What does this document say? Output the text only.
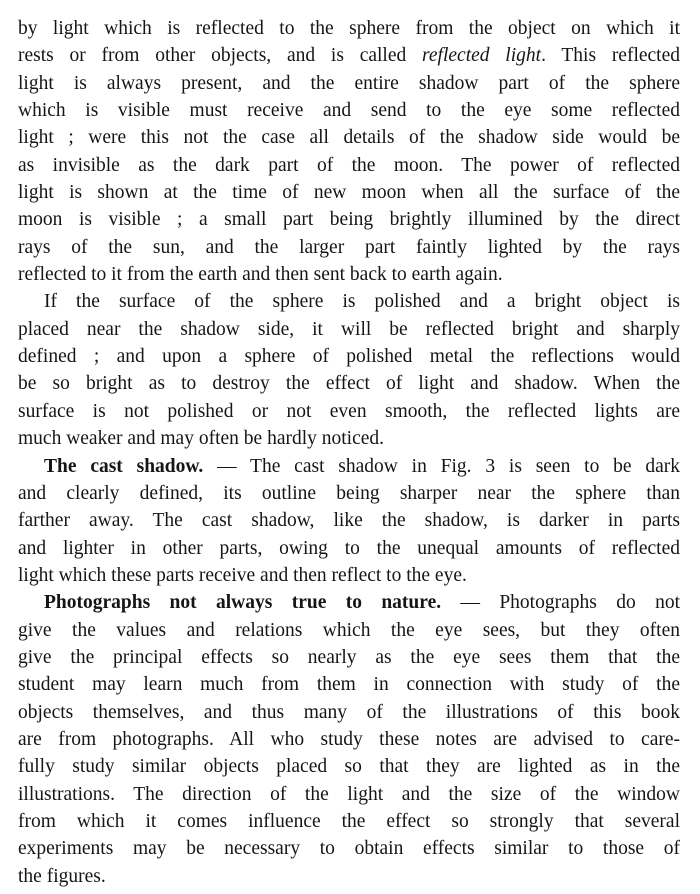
by light which is reflected to the sphere from the object on which it
rests or from other objects, and is called reflected light. This reflected
light is always present, and the entire shadow part of the sphere
which is visible must receive and send to the eye some reflected
light ; were this not the case all details of the shadow side would be
as invisible as the dark part of the moon. The power of reflected
light is shown at the time of new moon when all the surface of the
moon is visible ; a small part being brightly illumined by the direct
rays of the sun, and the larger part faintly lighted by the rays
reflected to it from the earth and then sent back to earth again.
If the surface of the sphere is polished and a bright object is
placed near the shadow side, it will be reflected bright and sharply
defined ; and upon a sphere of polished metal the reflections would
be so bright as to destroy the effect of light and shadow. When the
surface is not polished or not even smooth, the reflected lights are
much weaker and may often be hardly noticed.
The cast shadow. — The cast shadow in Fig. 3 is seen to be dark
and clearly defined, its outline being sharper near the sphere than
farther away. The cast shadow, like the shadow, is darker in parts
and lighter in other parts, owing to the unequal amounts of reflected
light which these parts receive and then reflect to the eye.
Photographs not always true to nature. — Photographs do not
give the values and relations which the eye sees, but they often
give the principal effects so nearly as the eye sees them that the
student may learn much from them in connection with study of the
objects themselves, and thus many of the illustrations of this book
are from photographs. All who study these notes are advised to care-
fully study similar objects placed so that they are lighted as in the
illustrations. The direction of the light and the size of the window
from which it comes influence the effect so strongly that several
experiments may be necessary to obtain effects similar to those of
the figures.
